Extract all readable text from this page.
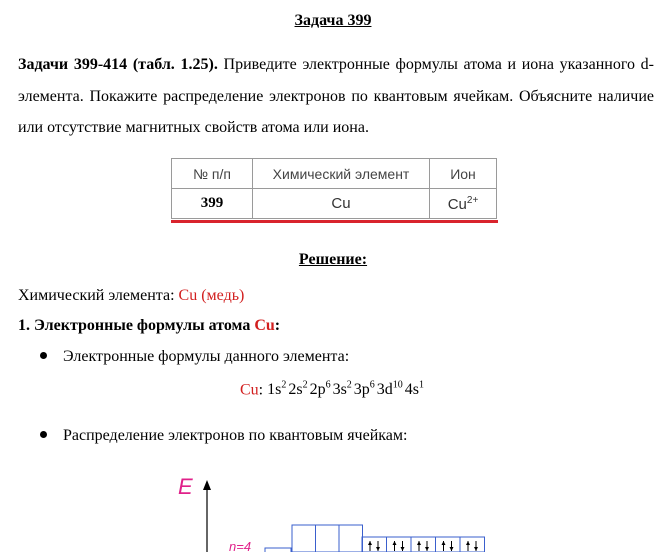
Задача 399
Задачи 399-414 (табл. 1.25). Приведите электронные формулы атома и иона указанного d-элемента. Покажите распределение электронов по квантовым ячейкам. Объясните наличие или отсутствие магнитных свойств атома или иона.
№ п/п	Химический элемент	Ион
399	Cu	$Cu^{2+}$
Решение:
Химический элемента: Cu (медь)
1. Электронные формулы атома Cu:
Электронные формулы данного элемента:
Cu: $1s^2$ $2s^2$ $2p^6$ $3s^2$ $3p^6$ $3d^{10}$ $4s^1$
Распределение электронов по квантовым ячейкам:
E
n=4
